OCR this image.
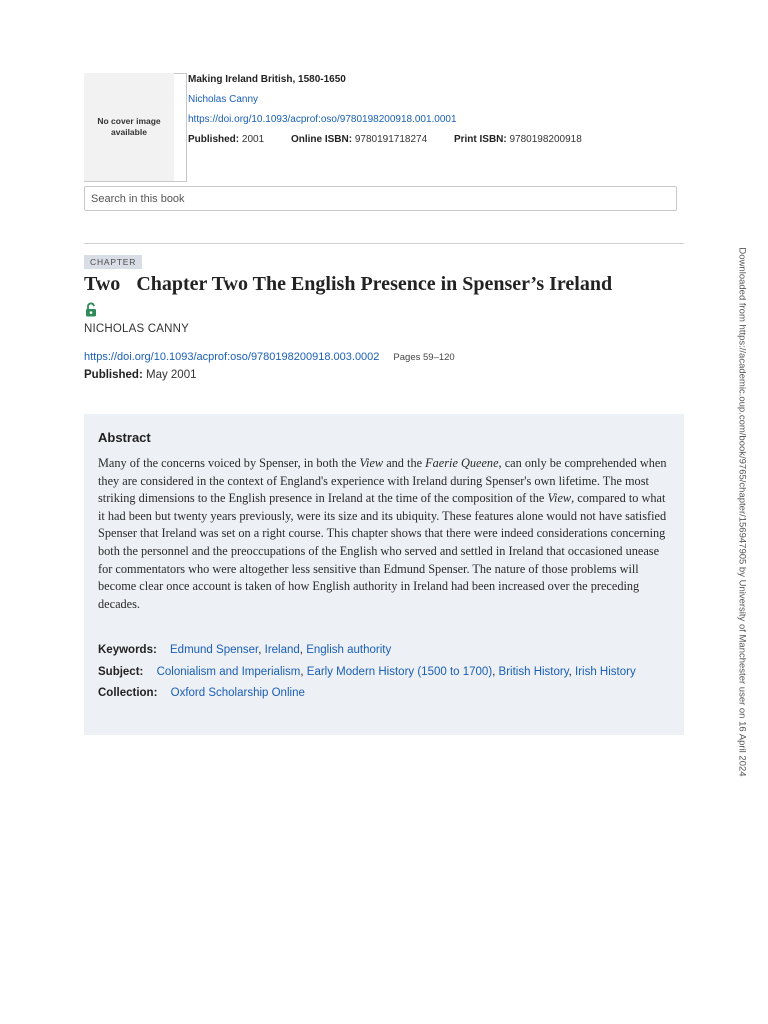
No cover image available
Making Ireland British, 1580-1650
Nicholas Canny
https://doi.org/10.1093/acprof:oso/9780198200918.001.0001
Published: 2001	Online ISBN: 9780191718274	Print ISBN: 9780198200918
Search in this book
CHAPTER
Two Chapter Two The English Presence in Spenser’s Ireland
NICHOLAS CANNY
https://doi.org/10.1093/acprof:oso/9780198200918.003.0002 Pages 59–120
Published: May 2001
Abstract
Many of the concerns voiced by Spenser, in both the View and the Faerie Queene, can only be comprehended when they are considered in the context of England's experience with Ireland during Spenser's own lifetime. The most striking dimensions to the English presence in Ireland at the time of the composition of the View, compared to what it had been but twenty years previously, were its size and its ubiquity. These features alone would not have satisfied Spenser that Ireland was set on a right course. This chapter shows that there were indeed considerations concerning both the personnel and the preoccupations of the English who served and settled in Ireland that occasioned unease for commentators who were altogether less sensitive than Edmund Spenser. The nature of those problems will become clear once account is taken of how English authority in Ireland had been increased over the preceding decades.
Keywords: Edmund Spenser, Ireland, English authority
Subject: Colonialism and Imperialism, Early Modern History (1500 to 1700), British History, Irish History
Collection: Oxford Scholarship Online	Downloaded from https://academic.oup.com/book/9765/chapter/156947905 by University of Manchester user on 16 April 2024
